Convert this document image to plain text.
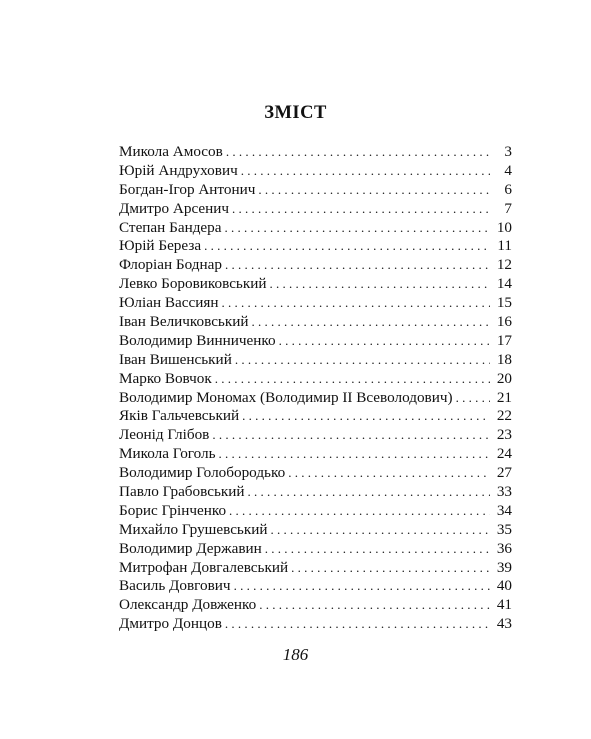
ЗМІСТ
Микола Амосов . . .	3
Юрій Андрухович . . .	4
Богдан-Ігор Антонич . . .	6
Дмитро Арсенич . . .	7
Степан Бандера . . .	10
Юрій Береза . . .	11
Флоріан Боднар . . .	12
Левко Боровиковський . . .	14
Юліан Вассиян . . .	15
Іван Величковський . . .	16
Володимир Винниченко . . .	17
Іван Вишенський . . .	18
Марко Вовчок . . .	20
Володимир Мономах (Володимир II Всеволодович) . . .	21
Яків Гальчевський . . .	22
Леонід Глібов . . .	23
Микола Гоголь . . .	24
Володимир Голобородько . . .	27
Павло Грабовський . . .	33
Борис Грінченко . . .	34
Михайло Грушевський . . .	35
Володимир Державин . . .	36
Митрофан Довгалевський . . .	39
Василь Довгович . . .	40
Олександр Довженко . . .	41
Дмитро Донцов . . .	43
186
